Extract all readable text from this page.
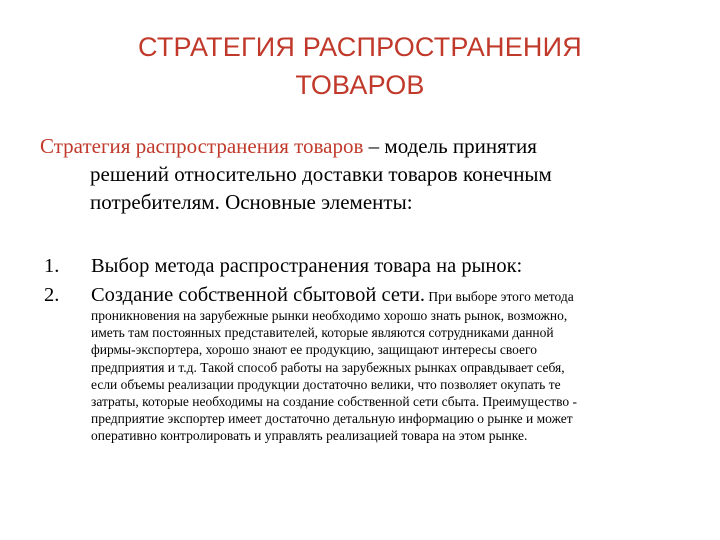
СТРАТЕГИЯ РАСПРОСТРАНЕНИЯ
ТОВАРОВ
Стратегия распространения товаров – модель принятия
решений относительно доставки товаров конечным
потребителям. Основные элементы:
1. Выбор метода распространения товара на рынок:
2. Создание собственной сбытовой сети. При выборе этого метода
проникновения на зарубежные рынки необходимо хорошо знать рынок, возможно,
иметь там постоянных представителей, которые являются сотрудниками данной
фирмы-экспортера, хорошо знают ее продукцию, защищают интересы своего
предприятия и т.д. Такой способ работы на зарубежных рынках оправдывает себя,
если объемы реализации продукции достаточно велики, что позволяет окупать те
затраты, которые необходимы на создание собственной сети сбыта. Преимущество -
предприятие экспортер имеет достаточно детальную информацию о рынке и может
оперативно контролировать и управлять реализацией товара на этом рынке.
